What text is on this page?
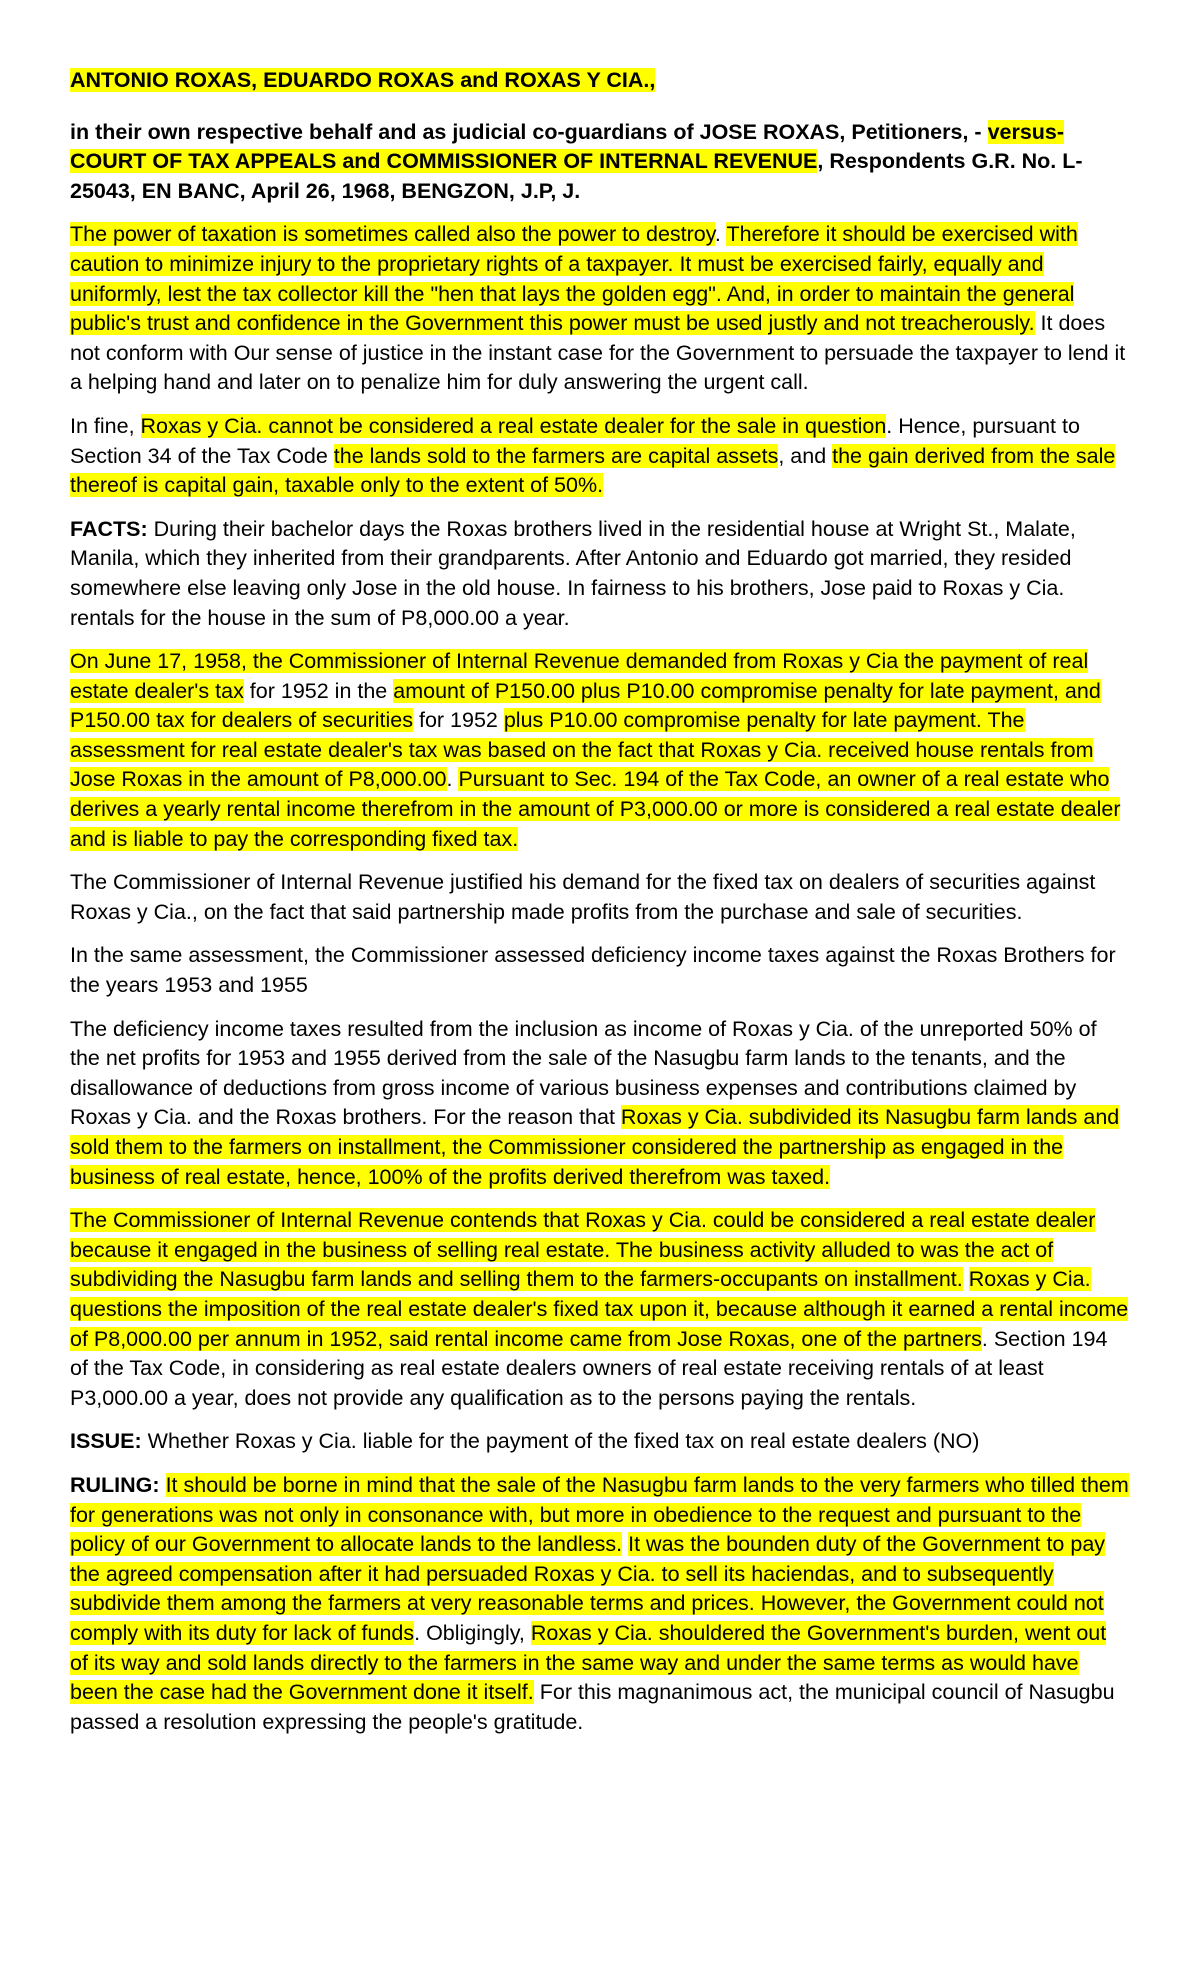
ANTONIO ROXAS, EDUARDO ROXAS and ROXAS Y CIA.,

in their own respective behalf and as judicial co-guardians of JOSE ROXAS, Petitioners, - versus- COURT OF TAX APPEALS and COMMISSIONER OF INTERNAL REVENUE, Respondents G.R. No. L-25043, EN BANC, April 26, 1968, BENGZON, J.P, J.

The power of taxation is sometimes called also the power to destroy. Therefore it should be exercised with caution to minimize injury to the proprietary rights of a taxpayer. It must be exercised fairly, equally and uniformly, lest the tax collector kill the "hen that lays the golden egg". And, in order to maintain the general public's trust and confidence in the Government this power must be used justly and not treacherously. It does not conform with Our sense of justice in the instant case for the Government to persuade the taxpayer to lend it a helping hand and later on to penalize him for duly answering the urgent call.

In fine, Roxas y Cia. cannot be considered a real estate dealer for the sale in question. Hence, pursuant to Section 34 of the Tax Code the lands sold to the farmers are capital assets, and the gain derived from the sale thereof is capital gain, taxable only to the extent of 50%.

FACTS: During their bachelor days the Roxas brothers lived in the residential house at Wright St., Malate, Manila, which they inherited from their grandparents. After Antonio and Eduardo got married, they resided somewhere else leaving only Jose in the old house. In fairness to his brothers, Jose paid to Roxas y Cia. rentals for the house in the sum of P8,000.00 a year.

On June 17, 1958, the Commissioner of Internal Revenue demanded from Roxas y Cia the payment of real estate dealer's tax for 1952 in the amount of P150.00 plus P10.00 compromise penalty for late payment, and P150.00 tax for dealers of securities for 1952 plus P10.00 compromise penalty for late payment. The assessment for real estate dealer's tax was based on the fact that Roxas y Cia. received house rentals from Jose Roxas in the amount of P8,000.00. Pursuant to Sec. 194 of the Tax Code, an owner of a real estate who derives a yearly rental income therefrom in the amount of P3,000.00 or more is considered a real estate dealer and is liable to pay the corresponding fixed tax.

The Commissioner of Internal Revenue justified his demand for the fixed tax on dealers of securities against Roxas y Cia., on the fact that said partnership made profits from the purchase and sale of securities.

In the same assessment, the Commissioner assessed deficiency income taxes against the Roxas Brothers for the years 1953 and 1955

The deficiency income taxes resulted from the inclusion as income of Roxas y Cia. of the unreported 50% of the net profits for 1953 and 1955 derived from the sale of the Nasugbu farm lands to the tenants, and the disallowance of deductions from gross income of various business expenses and contributions claimed by Roxas y Cia. and the Roxas brothers. For the reason that Roxas y Cia. subdivided its Nasugbu farm lands and sold them to the farmers on installment, the Commissioner considered the partnership as engaged in the business of real estate, hence, 100% of the profits derived therefrom was taxed.

The Commissioner of Internal Revenue contends that Roxas y Cia. could be considered a real estate dealer because it engaged in the business of selling real estate. The business activity alluded to was the act of subdividing the Nasugbu farm lands and selling them to the farmers-occupants on installment. Roxas y Cia. questions the imposition of the real estate dealer's fixed tax upon it, because although it earned a rental income of P8,000.00 per annum in 1952, said rental income came from Jose Roxas, one of the partners. Section 194 of the Tax Code, in considering as real estate dealers owners of real estate receiving rentals of at least P3,000.00 a year, does not provide any qualification as to the persons paying the rentals.

ISSUE: Whether Roxas y Cia. liable for the payment of the fixed tax on real estate dealers (NO)

RULING: It should be borne in mind that the sale of the Nasugbu farm lands to the very farmers who tilled them for generations was not only in consonance with, but more in obedience to the request and pursuant to the policy of our Government to allocate lands to the landless. It was the bounden duty of the Government to pay the agreed compensation after it had persuaded Roxas y Cia. to sell its haciendas, and to subsequently subdivide them among the farmers at very reasonable terms and prices. However, the Government could not comply with its duty for lack of funds. Obligingly, Roxas y Cia. shouldered the Government's burden, went out of its way and sold lands directly to the farmers in the same way and under the same terms as would have been the case had the Government done it itself. For this magnanimous act, the municipal council of Nasugbu passed a resolution expressing the people's gratitude.
